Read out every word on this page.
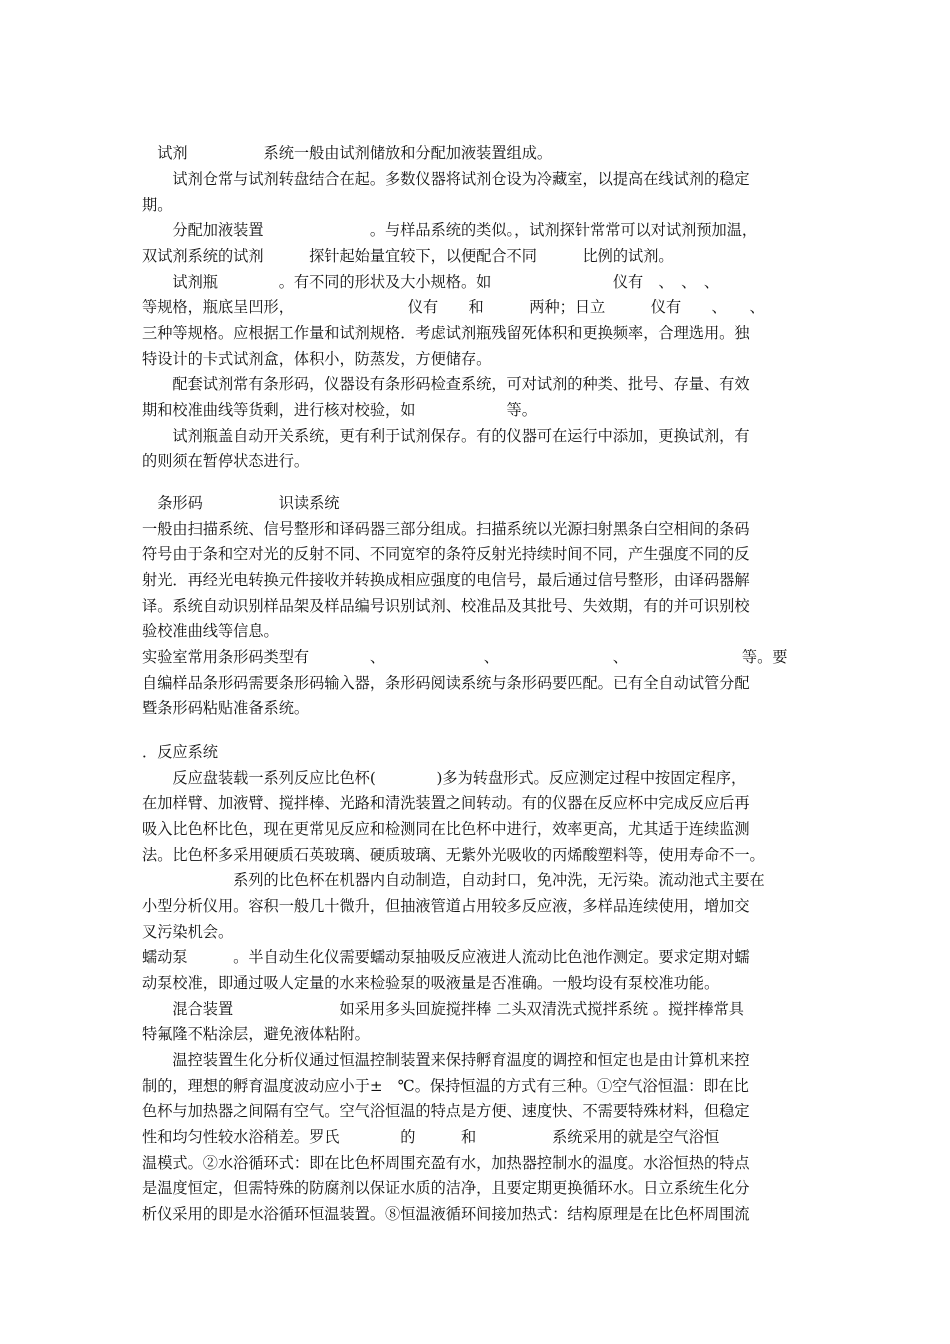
　试剂　　　　　系统一般由试剂储放和分配加液装置组成。
　　试剂仓常与试剂转盘结合在起。多数仪器将试剂仓设为冷藏室，以提高在线试剂的稳定
期。
　　分配加液装置　　　　　　　。与样品系统的类似。，试剂探针常常可以对试剂预加温，
双试剂系统的试剂　　　探针起始量宜较下，以便配合不同　　　比例的试剂。
　　试剂瓶　　　　。有不同的形状及大小规格。如　　　　　　　　仪有　、　、　、
等规格，瓶底呈凹形，　　　　　　　　仪有　　和　　　两种；日立　　　仪有　　、　　、
三种等规格。应根据工作量和试剂规格．考虑试剂瓶残留死体积和更换频率，合理选用。独
特设计的卡式试剂盒，体积小，防蒸发，方便储存。
　　配套试剂常有条形码，仪器设有条形码检查系统，可对试剂的种类、批号、存量、有效
期和校准曲线等货剩，进行核对校验，如　　　　　　等。
　　试剂瓶盖自动开关系统，更有利于试剂保存。有的仪器可在运行中添加，更换试剂，有
的则须在暂停状态进行。
　条形码　　　　　识读系统
一般由扫描系统、信号整形和译码器三部分组成。扫描系统以光源扫射黑条白空相间的条码
符号由于条和空对光的反射不同、不同宽窄的条符反射光持续时间不同，产生强度不同的反
射光．再经光电转换元件接收并转换成相应强度的电信号，最后通过信号整形，由译码器解
译。系统自动识别样品架及样品编号识别试剂、校准品及其批号、失效期，有的并可识别校
验校准曲线等信息。
实验室常用条形码类型有　　　　、　　　　　　　、　　　　　　　　、　　　　　　　　等。要
自编样品条形码需要条形码输入器，条形码阅读系统与条形码要匹配。已有全自动试管分配
暨条形码粘贴准备系统。
．反应系统
　　反应盘装载一系列反应比色杯(　　　　)多为转盘形式。反应测定过程中按固定程序，
在加样臂、加液臂、搅拌棒、光路和清洗装置之间转动。有的仪器在反应杯中完成反应后再
吸入比色杯比色，现在更常见反应和检测同在比色杯中进行，效率更高，尤其适于连续监测
法。比色杯多采用硬质石英玻璃、硬质玻璃、无紫外光吸收的丙烯酸塑料等，使用寿命不一。
　　　　　　系列的比色杯在机器内自动制造，自动封口，免冲洗，无污染。流动池式主要在
小型分析仪用。容积一般几十微升，但抽液管道占用较多反应液，多样品连续使用，增加交
叉污染机会。
蠕动泵　　　。半自动生化仪需要蠕动泵抽吸反应液进人流动比色池作测定。要求定期对蠕
动泵校准，即通过吸人定量的水来检验泵的吸液量是否准确。一般均设有泵校准功能。
　　混合装置　　　　　　　如采用多头回旋搅拌棒 二头双清洗式搅拌系统 。搅拌棒常具
特氟隆不粘涂层，避免液体粘附。
　　温控装置生化分析仪通过恒温控制装置来保持孵育温度的调控和恒定也是由计算机来控
制的，理想的孵育温度波动应小于±　℃。保持恒温的方式有三种。①空气浴恒温：即在比
色杯与加热器之间隔有空气。空气浴恒温的特点是方便、速度快、不需要特殊材料，但稳定
性和均匀性较水浴稍差。罗氏　　　　的　　　和　　　　　系统采用的就是空气浴恒
温模式。②水浴循环式：即在比色杯周围充盈有水，加热器控制水的温度。水浴恒热的特点
是温度恒定，但需特殊的防腐剂以保证水质的洁净，且要定期更换循环水。日立系统生化分
析仪采用的即是水浴循环恒温装置。⑧恒温液循环间接加热式：结构原理是在比色杯周围流
